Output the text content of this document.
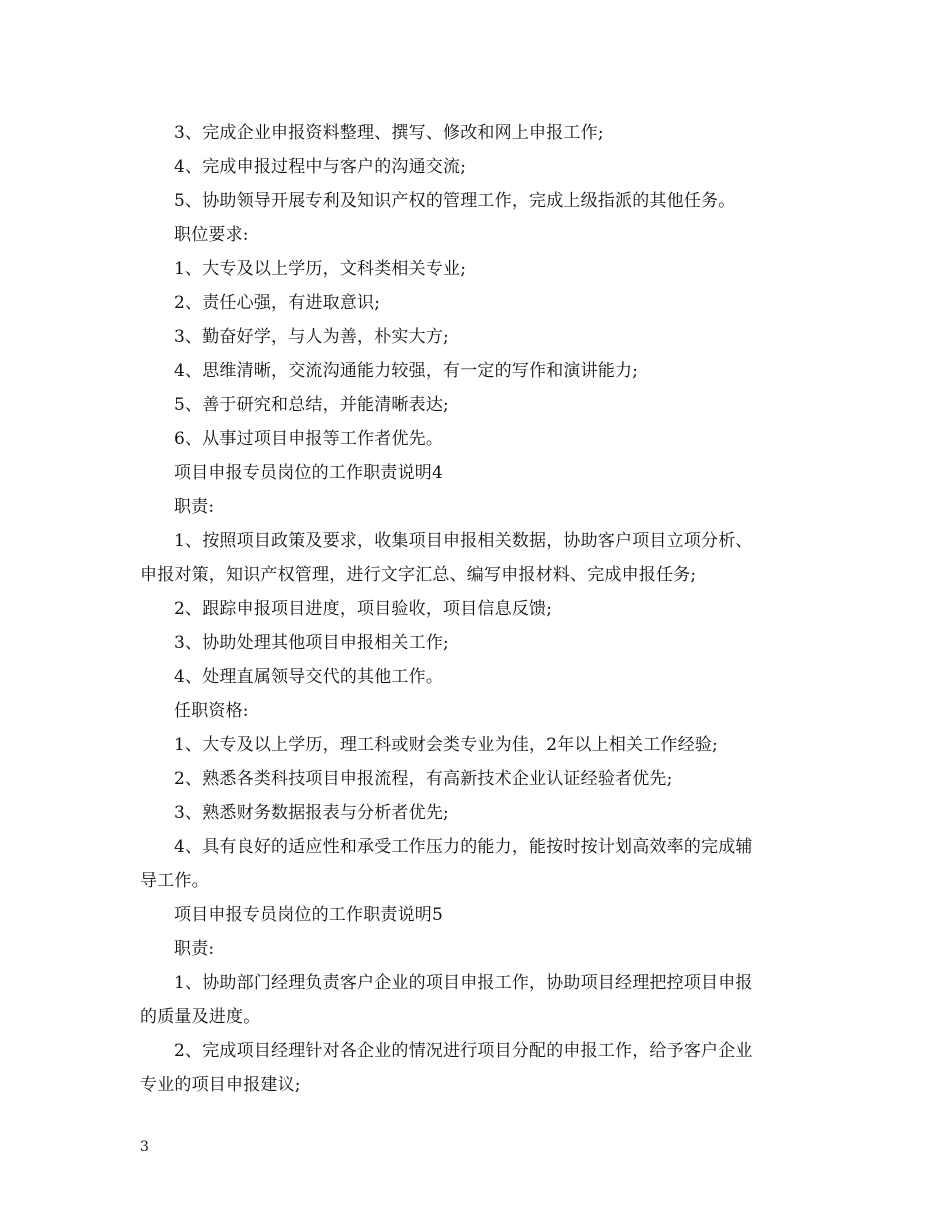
3、完成企业申报资料整理、撰写、修改和网上申报工作;
4、完成申报过程中与客户的沟通交流;
5、协助领导开展专利及知识产权的管理工作，完成上级指派的其他任务。
职位要求:
1、大专及以上学历，文科类相关专业;
2、责任心强，有进取意识;
3、勤奋好学，与人为善，朴实大方;
4、思维清晰，交流沟通能力较强，有一定的写作和演讲能力;
5、善于研究和总结，并能清晰表达;
6、从事过项目申报等工作者优先。
项目申报专员岗位的工作职责说明4
职责:
1、按照项目政策及要求，收集项目申报相关数据，协助客户项目立项分析、
申报对策，知识产权管理，进行文字汇总、编写申报材料、完成申报任务;
2、跟踪申报项目进度，项目验收，项目信息反馈;
3、协助处理其他项目申报相关工作;
4、处理直属领导交代的其他工作。
任职资格:
1、大专及以上学历，理工科或财会类专业为佳，2年以上相关工作经验;
2、熟悉各类科技项目申报流程，有高新技术企业认证经验者优先;
3、熟悉财务数据报表与分析者优先;
4、具有良好的适应性和承受工作压力的能力，能按时按计划高效率的完成辅
导工作。
项目申报专员岗位的工作职责说明5
职责:
1、协助部门经理负责客户企业的项目申报工作，协助项目经理把控项目申报
的质量及进度。
2、完成项目经理针对各企业的情况进行项目分配的申报工作，给予客户企业
专业的项目申报建议;
3
